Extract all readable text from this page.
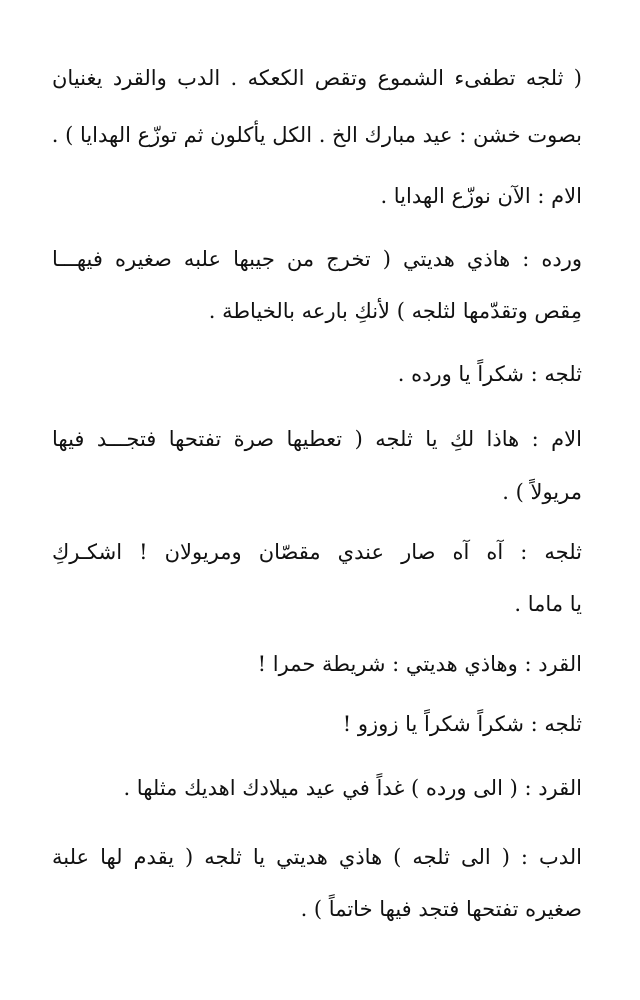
( ثلجه تطفىء الشموع وتقص الكعكه . الدب والقرد يغنيان
بصوت خشن : عيد مبارك الخ . الكل يأكلون ثم توزّع الهدايا ) .
الام : الآن نوزّع الهدايا .
ورده : هاذي هديتي ( تخرج من جيبها علبه صغيره فيهـــا
مِقص وتقدّمها لثلجه ) لأنكِ بارعه بالخياطة .
ثلجه : شكراً يا ورده .
الام : هاذا لكِ يا ثلجه ( تعطيها صرة تفتحها فتجـــد فيها
مريولاً ) .
ثلجه : آه آه صار عندي مقصّان ومريولان ! اشكـركِ
يا ماما .
القرد : وهاذي هديتي : شريطة حمرا !
ثلجه : شكراً شكراً يا زوزو !
القرد : ( الى ورده ) غداً في عيد ميلادك اهديك مثلها .
الدب : ( الى ثلجه ) هاذي هديتي يا ثلجه ( يقدم لها علبة
صغيره تفتحها فتجد فيها خاتماً ) .
